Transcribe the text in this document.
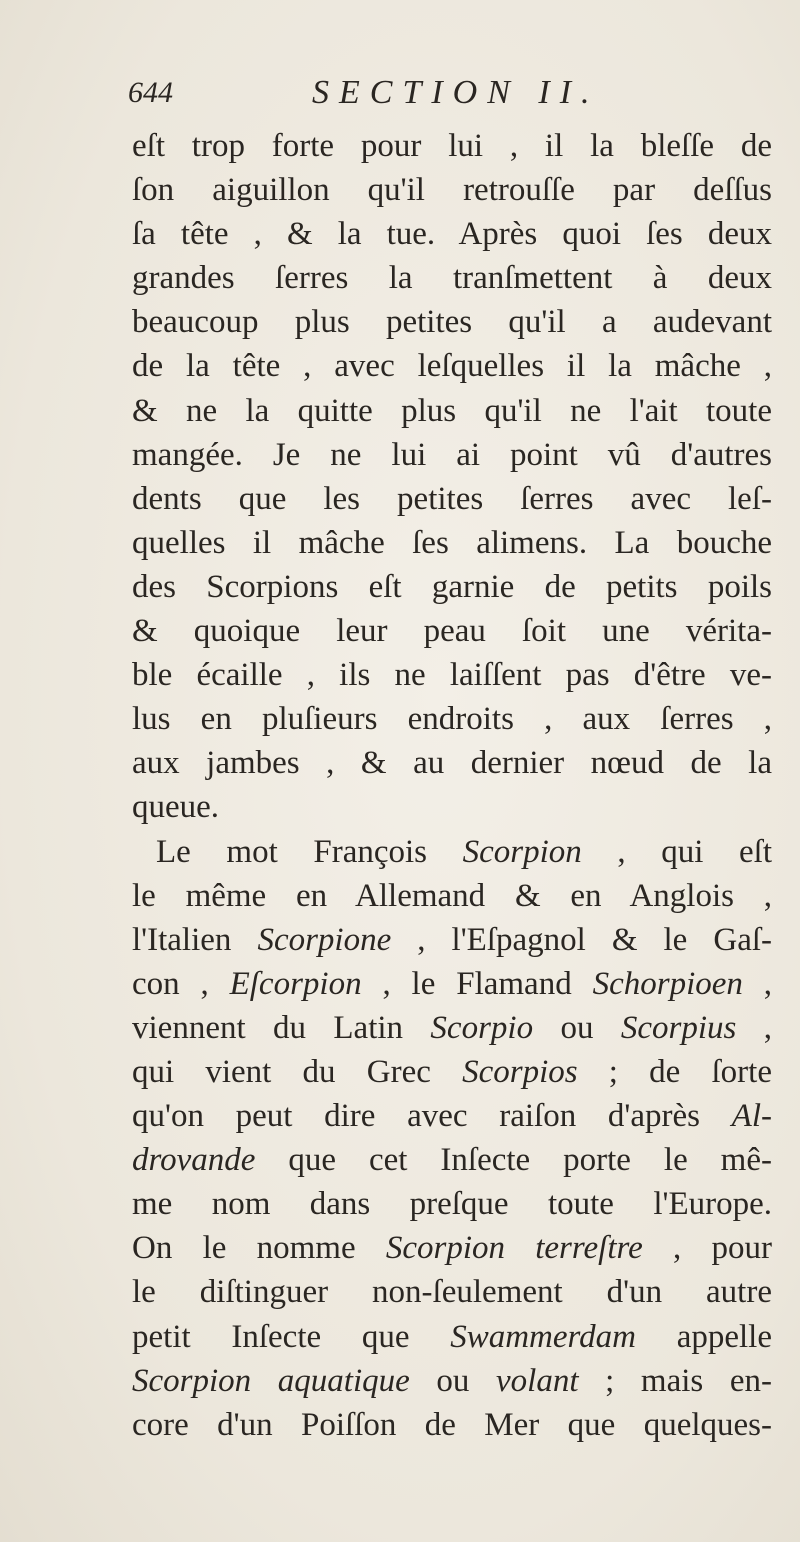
644	SECTION II.
eſt trop forte pour lui , il la bleſſe de
ſon aiguillon qu'il retrouſſe par deſſus
ſa tête , & la tue. Après quoi ſes deux
grandes ſerres la tranſmettent à deux
beaucoup plus petites qu'il a audevant
de la tête , avec leſquelles il la mâche ,
& ne la quitte plus qu'il ne l'ait toute
mangée. Je ne lui ai point vû d'autres
dents que les petites ſerres avec leſ-
quelles il mâche ſes alimens. La bouche
des Scorpions eſt garnie de petits poils
& quoique leur peau ſoit une vérita-
ble écaille , ils ne laiſſent pas d'être ve-
lus en pluſieurs endroits , aux ſerres ,
aux jambes , & au dernier nœud de la
queue.
Le mot François Scorpion , qui eſt
le même en Allemand & en Anglois ,
l'Italien Scorpione , l'Eſpagnol & le Gaſ-
con , Eſcorpion , le Flamand Schorpioen ,
viennent du Latin Scorpio ou Scorpius ,
qui vient du Grec Scorpios ; de ſorte
qu'on peut dire avec raiſon d'après Al-
drovande que cet Inſecte porte le mê-
me nom dans preſque toute l'Europe.
On le nomme Scorpion terreſtre , pour
le diſtinguer non-ſeulement d'un autre
petit Inſecte que Swammerdam appelle
Scorpion aquatique ou volant ; mais en-
core d'un Poiſſon de Mer que quelques-
